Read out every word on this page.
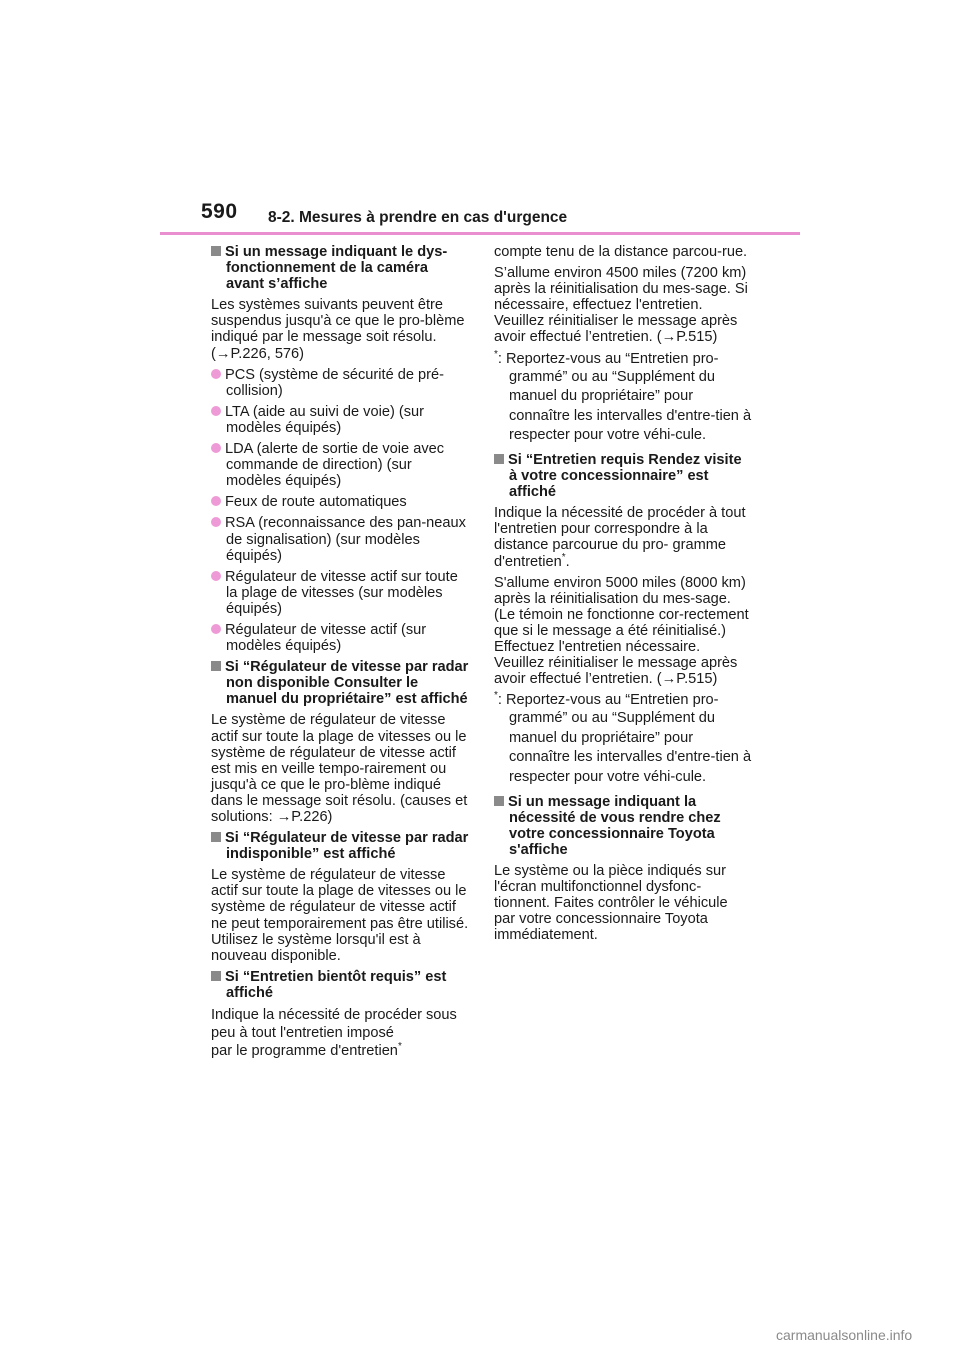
590 8-2. Mesures à prendre en cas d'urgence
Si un message indiquant le dys-fonctionnement de la caméra avant s’affiche
Les systèmes suivants peuvent être suspendus jusqu'à ce que le pro-blème indiqué par le message soit résolu. (→P.226, 576)
PCS (système de sécurité de pré-collision)
LTA (aide au suivi de voie) (sur modèles équipés)
LDA (alerte de sortie de voie avec commande de direction) (sur modèles équipés)
Feux de route automatiques
RSA (reconnaissance des pan-neaux de signalisation) (sur modèles équipés)
Régulateur de vitesse actif sur toute la plage de vitesses (sur modèles équipés)
Régulateur de vitesse actif (sur modèles équipés)
Si “Régulateur de vitesse par radar non disponible Consulter le manuel du propriétaire” est affiché
Le système de régulateur de vitesse actif sur toute la plage de vitesses ou le système de régulateur de vitesse actif est mis en veille tempo-rairement ou jusqu'à ce que le pro-blème indiqué dans le message soit résolu. (causes et solutions: →P.226)
Si “Régulateur de vitesse par radar indisponible” est affiché
Le système de régulateur de vitesse actif sur toute la plage de vitesses ou le système de régulateur de vitesse actif ne peut temporairement pas être utilisé. Utilisez le système lorsqu'il est à nouveau disponible.
Si “Entretien bientôt requis” est affiché
Indique la nécessité de procéder sous peu à tout l'entretien imposé
par le programme d'entretien*
compte tenu de la distance parcou-rue.
S’allume environ 4500 miles (7200 km) après la réinitialisation du mes-sage. Si nécessaire, effectuez l'entretien. Veuillez réinitialiser le message après avoir effectué l’entretien. (→P.515)
*: Reportez-vous au “Entretien pro-
grammé” ou au “Supplément du manuel du propriétaire” pour connaître les intervalles d'entre-tien à respecter pour votre véhi-cule.
Si “Entretien requis Rendez visite à votre concessionnaire” est affiché
Indique la nécessité de procéder à tout l'entretien pour correspondre à la distance parcourue du pro- gramme d'entretien*.
S'allume environ 5000 miles (8000 km) après la réinitialisation du mes-sage. (Le témoin ne fonctionne cor-rectement que si le message a été réinitialisé.) Effectuez l'entretien nécessaire. Veuillez réinitialiser le message après avoir effectué l’entretien. (→P.515)
*: Reportez-vous au “Entretien pro-
grammé” ou au “Supplément du manuel du propriétaire” pour connaître les intervalles d'entre-tien à respecter pour votre véhi-cule.
Si un message indiquant la nécessité de vous rendre chez votre concessionnaire Toyota s'affiche
Le système ou la pièce indiqués sur l'écran multifonctionnel dysfonc-tionnent. Faites contrôler le véhicule par votre concessionnaire Toyota immédiatement.
carmanualsonline.info
